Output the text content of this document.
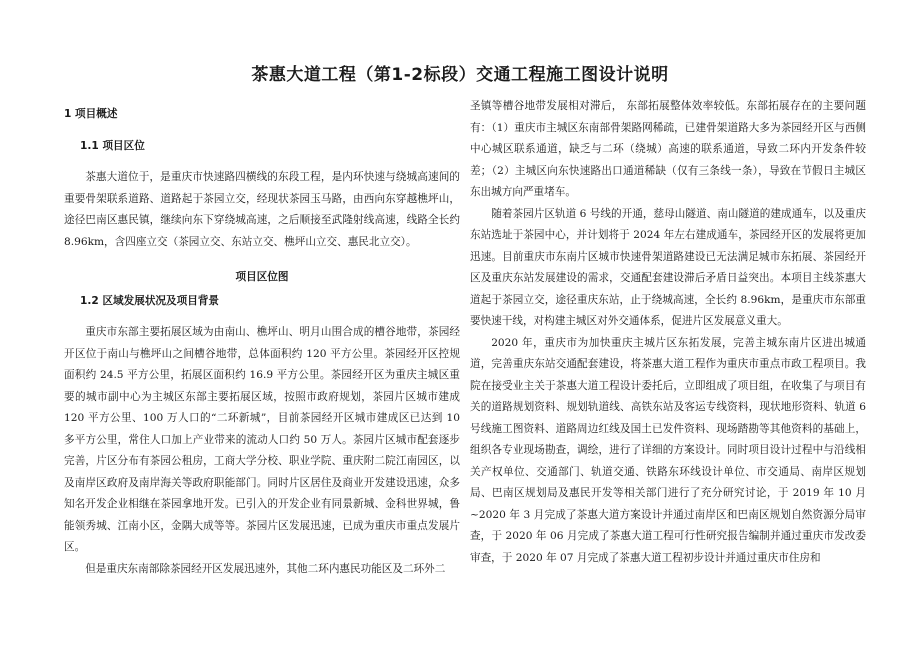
茶惠大道工程（第1-2标段）交通工程施工图设计说明
1 项目概述
1.1 项目区位

茶惠大道位于，是重庆市快速路四横线的东段工程，是内环快速与绕城高速间的重要骨架联系道路、道路起于茶园立交，经现状茶园玉马路，由西向东穿越樵坪山，途径巴南区惠民镇，继续向东下穿绕城高速，之后顺接至武隆射线高速，线路全长约 8.96km，含四座立交（茶园立交、东站立交、樵坪山立交、惠民北立交）。

项目区位图
1.2 区域发展状况及项目背景

重庆市东部主要拓展区域为由南山、樵坪山、明月山围合成的槽谷地带，茶园经开区位于南山与樵坪山之间槽谷地带，总体面积约 120 平方公里。茶园经开区控规面积约 24.5 平方公里，拓展区面积约 16.9 平方公里。茶园经开区为重庆主城区重要的城市副中心为主城区东部主要拓展区域，按照市政府规划，茶园片区城市建成 120 平方公里、100 万人口的“二环新城”，目前茶园经开区城市建成区已达到 10 多平方公里，常住人口加上产业带来的流动人口约 50 万人。茶园片区城市配套逐步完善，片区分布有茶园公租房，工商大学分校、职业学院、重庆附二院江南园区，以及南岸区政府及南岸海关等政府职能部门。同时片区居住及商业开发建设迅速，众多知名开发企业相继在茶园拿地开发。已引入的开发企业有同景新城、金科世界城，鲁能领秀城、江南小区，金隅大成等等。茶园片区发展迅速，已成为重庆市重点发展片区。

但是重庆东南部除茶园经开区发展迅速外，其他二环内惠民功能区及二环外二

圣镇等槽谷地带发展相对滞后， 东部拓展整体效率较低。东部拓展存在的主要问题有：（1）重庆市主城区东南部骨架路网稀疏，已建骨架道路大多为茶园经开区与西侧中心城区联系通道，缺乏与二环（绕城）高速的联系通道，导致二环内开发条件较差；（2）主城区向东快速路出口通道稀缺（仅有三条线一条），导致在节假日主城区东出城方向严重堵车。

随着茶园片区轨道 6 号线的开通，慈母山隧道、南山隧道的建成通车，以及重庆东站选址于茶园中心，并计划将于 2024 年左右建成通车，茶园经开区的发展将更加迅速。目前重庆市东南片区城市快速骨架道路建设已无法满足城市东拓展、茶园经开区及重庆东站发展建设的需求，交通配套建设滞后矛盾日益突出。本项目主线茶惠大道起于茶园立交，途径重庆东站，止于绕城高速，全长约 8.96km，是重庆市东部重要快速干线，对构建主城区对外交通体系，促进片区发展意义重大。

2020 年，重庆市为加快重庆主城片区东拓发展，完善主城东南片区进出城通道，完善重庆东站交通配套建设，将茶惠大道工程作为重庆市重点市政工程项目。我院在接受业主关于茶惠大道工程设计委托后，立即组成了项目组，在收集了与项目有关的道路规划资料、规划轨道线、高铁东站及客运专线资料，现状地形资料、轨道 6 号线施工图资料、道路周边红线及国土已发件资料、现场踏勘等其他资料的基础上，组织各专业现场勘查，调绘，进行了详细的方案设计。同时项目设计过程中与沿线相关产权单位、交通部门、轨道交通、铁路东环线设计单位、市交通局、南岸区规划局、巴南区规划局及惠民开发等相关部门进行了充分研究讨论，于 2019 年 10 月~2020 年 3 月完成了茶惠大道方案设计并通过南岸区和巴南区规划自然资源分局审查，于 2020 年 06 月完成了茶惠大道工程可行性研究报告编制并通过重庆市发改委审查，于 2020 年 07 月完成了茶惠大道工程初步设计并通过重庆市住房和
